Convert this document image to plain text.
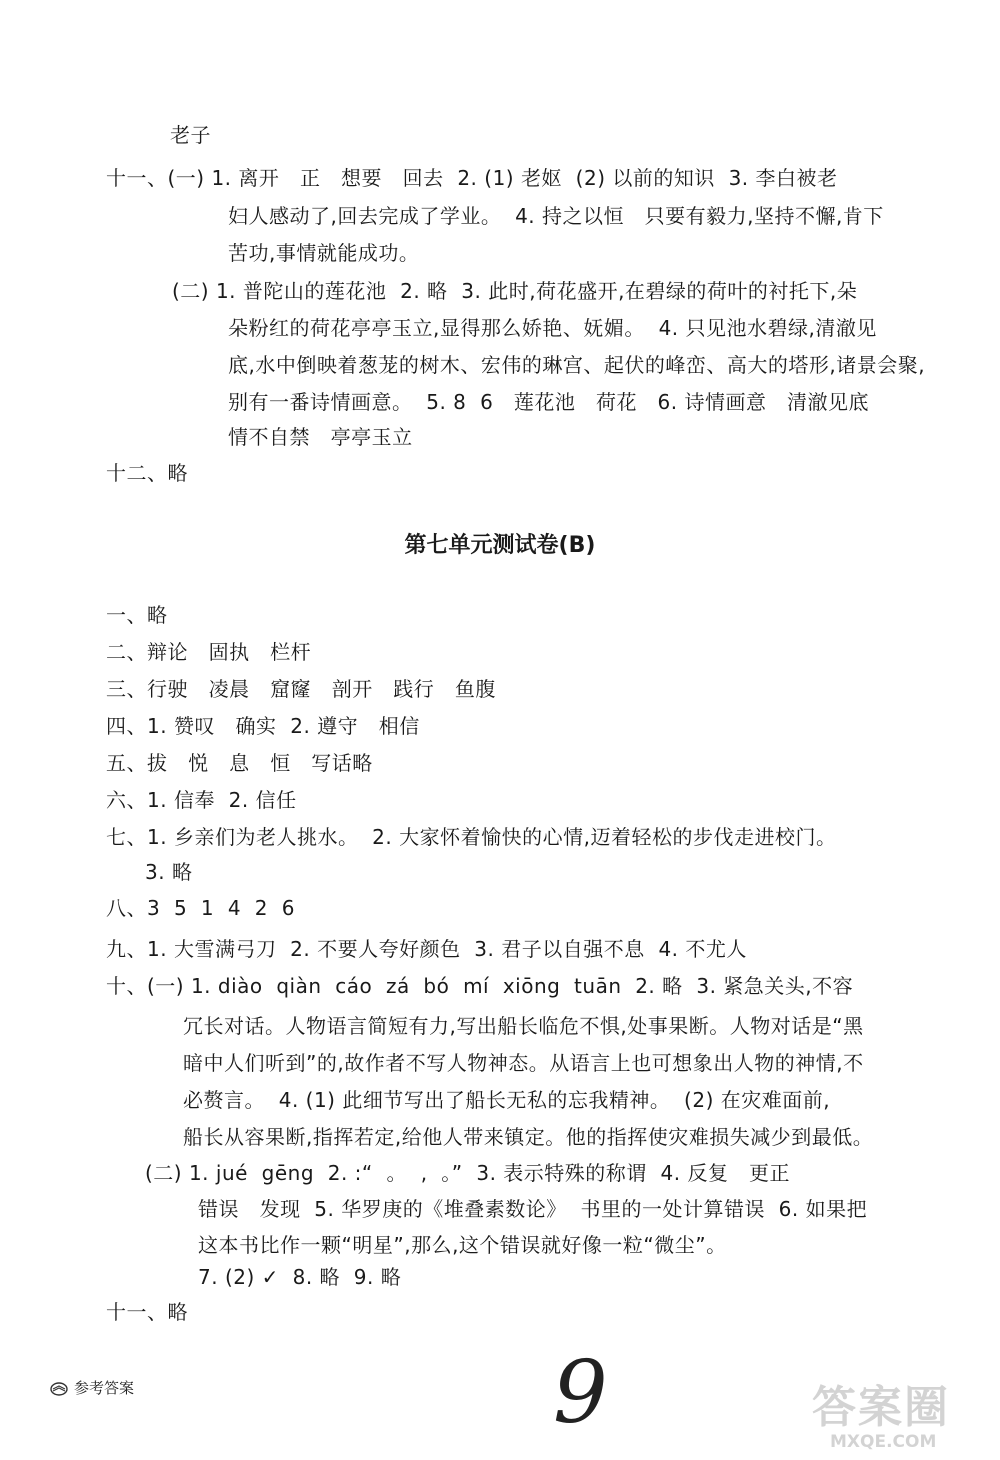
老子
十一、(一) 1. 离开   正   想要   回去  2. (1) 老妪  (2) 以前的知识  3. 李白被老
妇人感动了,回去完成了学业。  4. 持之以恒   只要有毅力,坚持不懈,肯下
苦功,事情就能成功。
(二) 1. 普陀山的莲花池  2. 略  3. 此时,荷花盛开,在碧绿的荷叶的衬托下,朵
朵粉红的荷花亭亭玉立,显得那么娇艳、妩媚。  4. 只见池水碧绿,清澈见
底,水中倒映着葱茏的树木、宏伟的琳宫、起伏的峰峦、高大的塔形,诸景会聚,
别有一番诗情画意。  5. 8  6   莲花池   荷花   6. 诗情画意   清澈见底
情不自禁   亭亭玉立
十二、略
第七单元测试卷(B)
一、略
二、辩论   固执   栏杆
三、行驶   凌晨   窟窿   剖开   践行   鱼腹
四、1. 赞叹   确实  2. 遵守   相信
五、拔   悦   息   恒   写话略
六、1. 信奉  2. 信任
七、1. 乡亲们为老人挑水。  2. 大家怀着愉快的心情,迈着轻松的步伐走进校门。
3. 略
八、3  5  1  4  2  6
九、1. 大雪满弓刀  2. 不要人夸好颜色  3. 君子以自强不息  4. 不尤人
十、(一) 1. diào  qiàn  cáo  zá  bó  mí  xiōng  tuān  2. 略  3. 紧急关头,不容
冗长对话。人物语言简短有力,写出船长临危不惧,处事果断。人物对话是“黑
暗中人们听到”的,故作者不写人物神态。从语言上也可想象出人物的神情,不
必赘言。  4. (1) 此细节写出了船长无私的忘我精神。  (2) 在灾难面前,
船长从容果断,指挥若定,给他人带来镇定。他的指挥使灾难损失减少到最低。
(二) 1. jué  gēng  2. :“  。  ,  。”  3. 表示特殊的称谓  4. 反复   更正
错误   发现  5. 华罗庚的《堆叠素数论》  书里的一处计算错误  6. 如果把
这本书比作一颗“明星”,那么,这个错误就好像一粒“微尘”。
7. (2) ✓  8. 略  9. 略
十一、略
参考答案	9	答案圈
MXQE.COM
